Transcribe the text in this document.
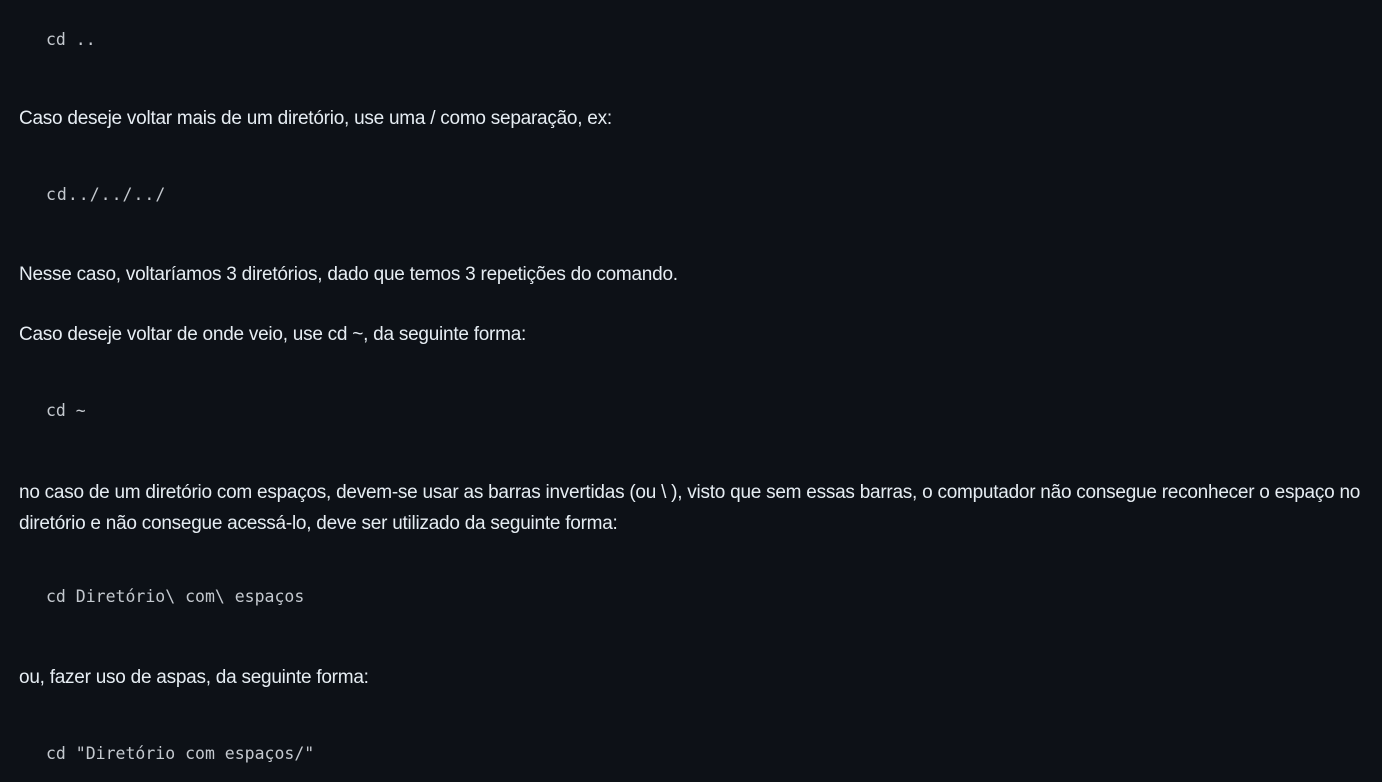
cd ..

Caso deseje voltar mais de um diretório, use uma / como separação, ex:

cd../../../

Nesse caso, voltaríamos 3 diretórios, dado que temos 3 repetições do comando.

Caso deseje voltar de onde veio, use cd ~, da seguinte forma:

cd ~

no caso de um diretório com espaços, devem-se usar as barras invertidas (ou \ ), visto que sem essas barras, o computador não consegue reconhecer o espaço no diretório e não consegue acessá-lo, deve ser utilizado da seguinte forma:

cd Diretório\ com\ espaços

ou, fazer uso de aspas, da seguinte forma:

cd "Diretório com espaços/"
